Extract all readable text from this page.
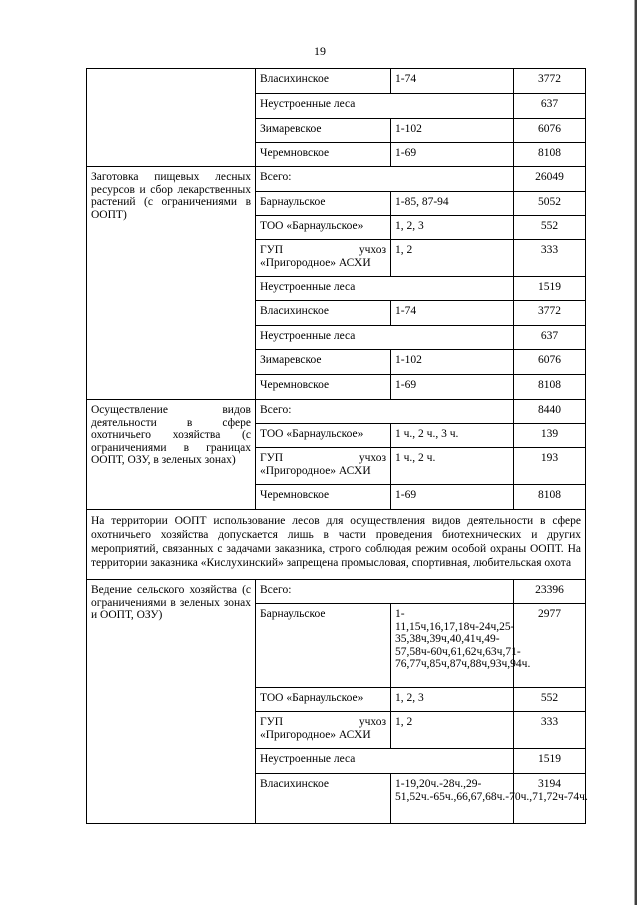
19
	Власихинское	1-74	3772
	Неустроенные леса		637
	Зимаревское	1-102	6076
	Черемновское	1-69	8108
Заготовка пищевых лесных ресурсов и сбор лекарственных растений (с ограничениями в ООПТ)	Всего:		26049
	Барнаульское	1-85, 87-94	5052
	ТОО «Барнаульское»	1, 2, 3	552
	ГУП учхоз «Пригородное» АСХИ	1, 2	333
	Неустроенные леса		1519
	Власихинское	1-74	3772
	Неустроенные леса		637
	Зимаревское	1-102	6076
	Черемновское	1-69	8108
Осуществление видов деятельности в сфере охотничьего хозяйства (с ограничениями в границах ООПТ, ОЗУ, в зеленых зонах)	Всего:		8440
	ТОО «Барнаульское»	1 ч., 2 ч., 3 ч.	139
	ГУП учхоз «Пригородное» АСХИ	1 ч., 2 ч.	193
	Черемновское	1-69	8108
На территории ООПТ использование лесов для осуществления видов деятельности в сфере охотничьего хозяйства допускается лишь в части проведения биотехнических и других мероприятий, связанных с задачами заказника, строго соблюдая режим особой охраны ООПТ. На территории заказника «Кислухинский» запрещена промысловая, спортивная, любительская охота			
Ведение сельского хозяйства (с ограничениями в зеленых зонах и ООПТ, ОЗУ)	Всего:		23396
	Барнаульское	1-11,15ч,16,17,18ч-24ч,25-35,38ч,39ч,40,41ч,49-57,58ч-60ч,61,62ч,63ч,71-76,77ч,85ч,87ч,88ч,93ч,94ч.	2977
	ТОО «Барнаульское»	1, 2, 3	552
	ГУП учхоз «Пригородное» АСХИ	1, 2	333
	Неустроенные леса		1519
	Власихинское	1-19,20ч.-28ч.,29-51,52ч.-65ч.,66,67,68ч.-70ч.,71,72ч-74ч.	3194
